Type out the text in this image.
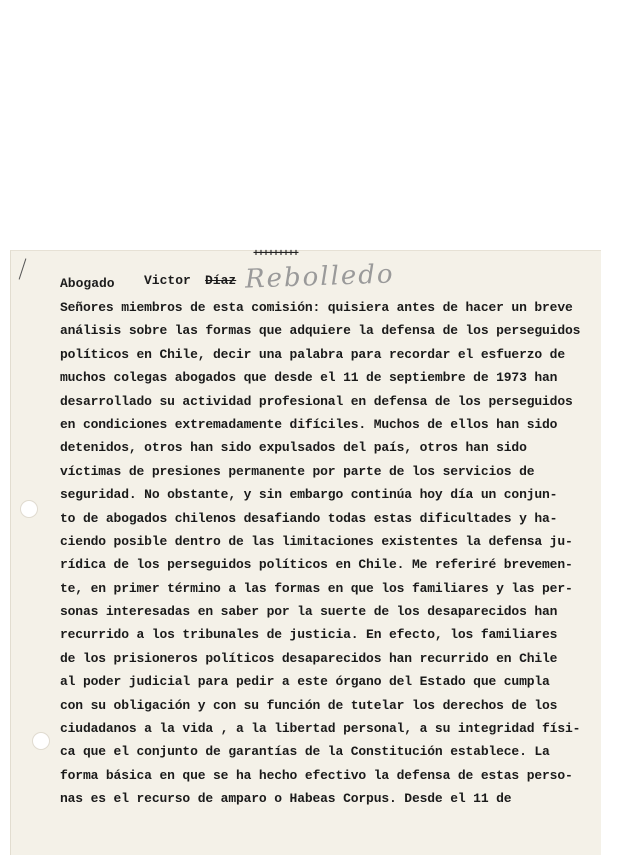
+++++++++
Abogado Victor Díaz Rebolledo
Señores miembros de esta comisión: quisiera antes de hacer un breve
análisis sobre las formas que adquiere la defensa de los perseguidos
políticos en Chile, decir una palabra para recordar el esfuerzo de
muchos colegas abogados que desde el 11 de septiembre de 1973 han
desarrollado su actividad profesional en defensa de los perseguidos
en condiciones extremadamente difíciles. Muchos de ellos han sido
detenidos, otros han sido expulsados del país, otros han sido
víctimas de presiones permanente por parte de los servicios de
seguridad. No obstante, y sin embargo continúa hoy día un conjun-
to de abogados chilenos desafiando todas estas dificultades y ha-
ciendo posible dentro de las limitaciones existentes la defensa ju-
rídica de los perseguidos políticos en Chile. Me referiré brevemen-
te, en primer término a las formas en que los familiares y las per-
sonas interesadas en saber por la suerte de los desaparecidos han
recurrido a los tribunales de justicia. En efecto, los familiares
de los prisioneros políticos desaparecidos han recurrido en Chile
al poder judicial para pedir a este órgano del Estado que cumpla
con su obligación y con su función de tutelar los derechos de los
ciudadanos a la vida , a la libertad personal, a su integridad físi-
ca que el conjunto de garantías de la Constitución establece. La
forma básica en que se ha hecho efectivo la defensa de estas perso-
nas es el recurso de amparo o Habeas Corpus. Desde el 11 de
